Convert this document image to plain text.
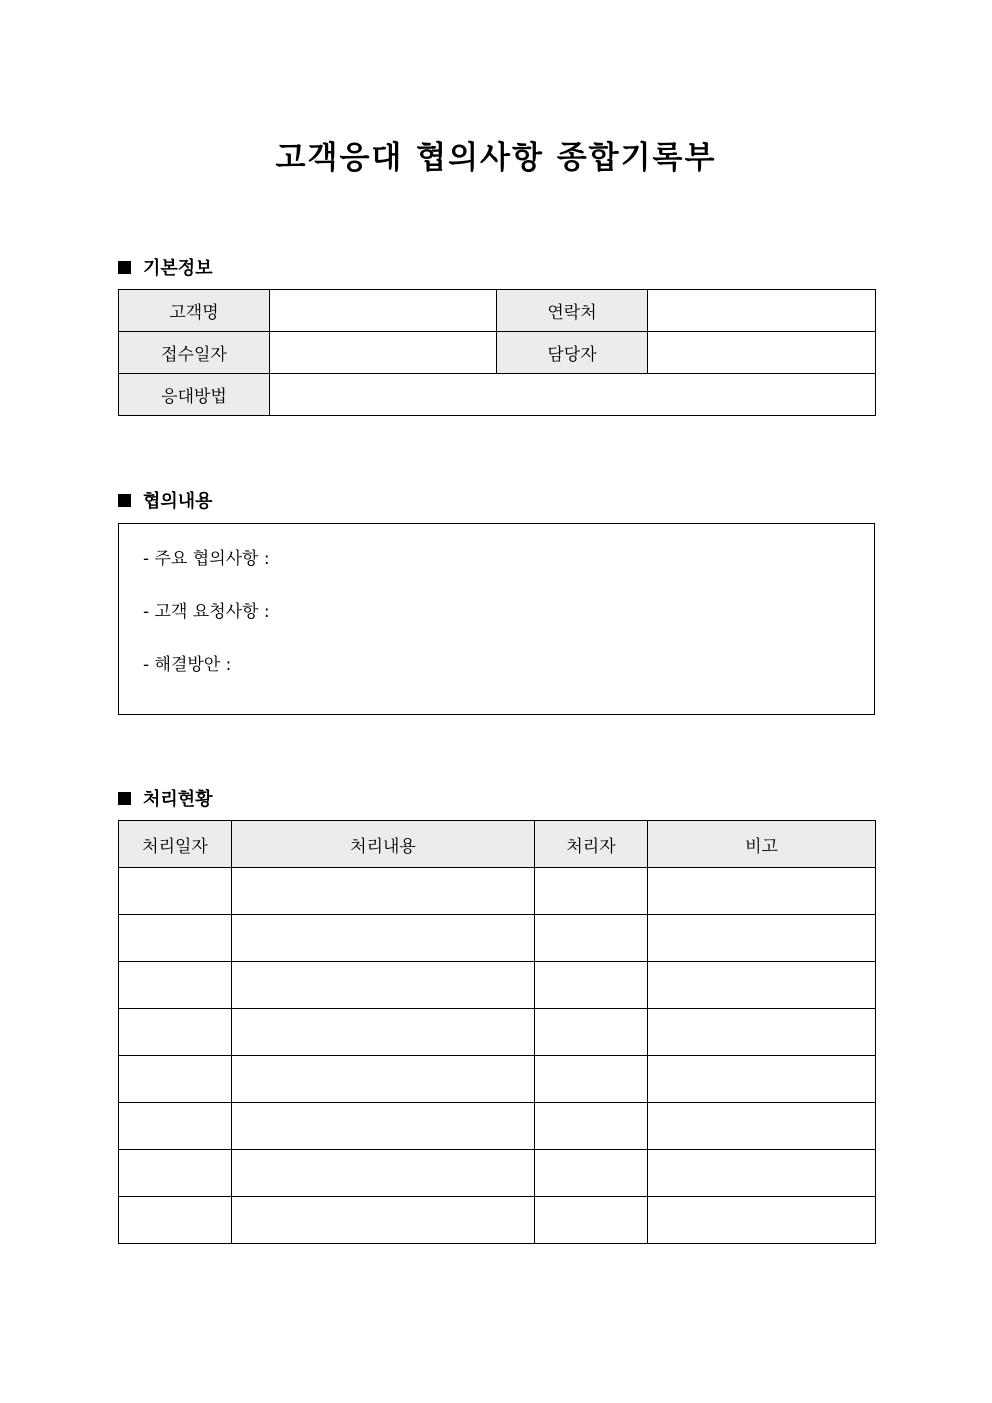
고객응대 협의사항 종합기록부
기본정보
고객명		연락처	
접수일자		담당자	
응대방법			
협의내용

- 주요 협의사항 :

- 고객 요청사항 :

- 해결방안 :

처리현황
처리일자	처리내용	처리자	비고
